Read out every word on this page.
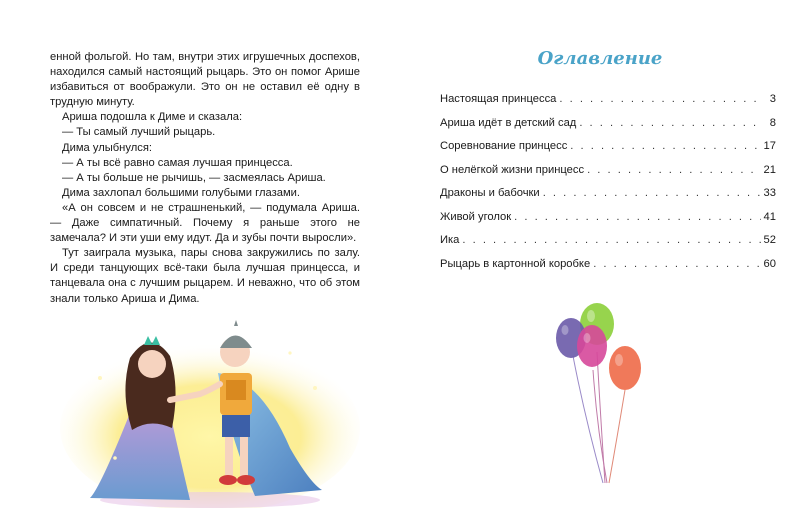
енной фольгой. Но там, внутри этих игрушечных доспехов, находился самый настоящий рыцарь. Это он помог Арише избавиться от воображули. Это он не оставил её одну в трудную минуту.

Ариша подошла к Диме и сказала:

— Ты самый лучший рыцарь.

Дима улыбнулся:

— А ты всё равно самая лучшая принцесса.

— А ты больше не рычишь, — засмеялась Ариша.

Дима захлопал большими голубыми глазами.

«А он совсем и не страшненький, — подумала Ариша. — Даже симпатичный. Почему я раньше этого не замечала? И эти уши ему идут. Да и зубы почти выросли».

Тут заиграла музыка, пары снова закружились по залу. И среди танцующих всё-таки была лучшая принцесса, и танцевала она с лучшим рыцарем. И неважно, что об этом знали только Ариша и Дима.

Оглавление
Настоящая принцесса . . .	3
Ариша идёт в детский сад . . .	8
Соревнование принцесс . . .	17
О нелёгкой жизни принцесс . . .	21
Драконы и бабочки . . .	33
Живой уголок . . .	41
Ика . . .	52
Рыцарь в картонной коробке . . .	60
